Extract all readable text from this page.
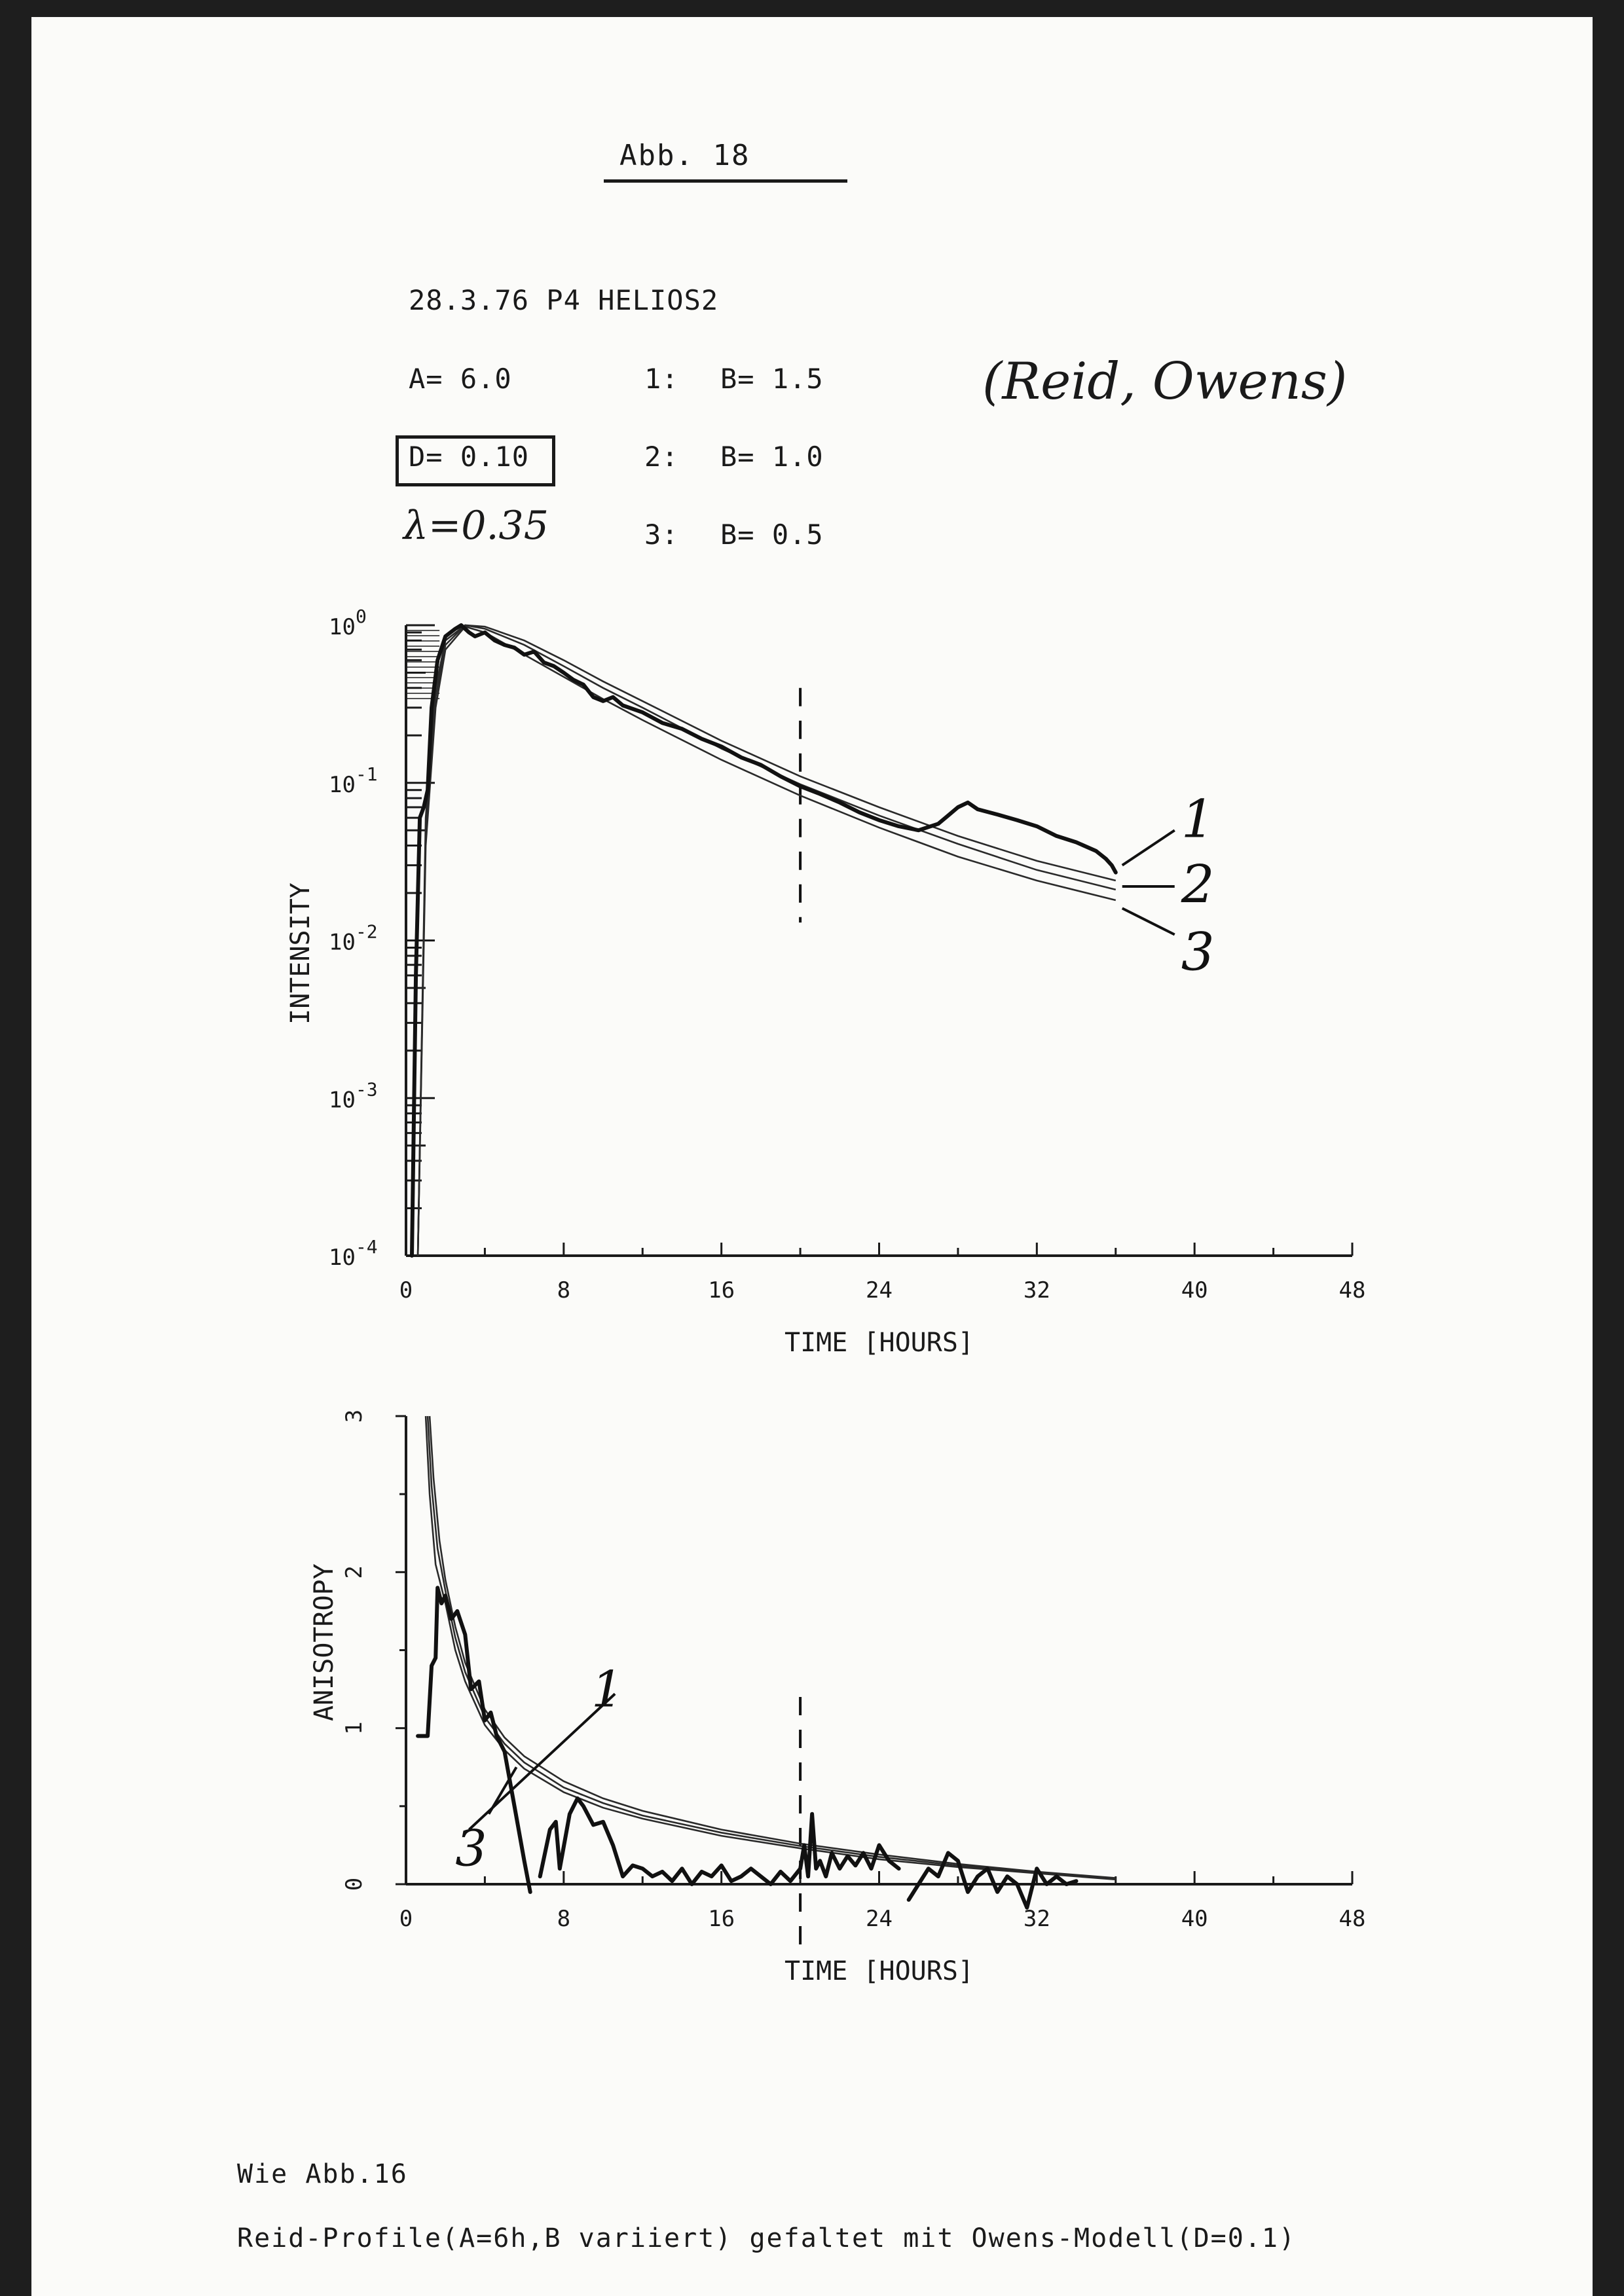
Abb. 18
28.3.76 P4 HELIOS2
A= 6.0
D= 0.10
λ=0.35
1: B= 1.5
2: B= 1.0
3: B= 0.5
(Reid, Owens)
$10^0$
$10^{-1}$
$10^{-2}$
$10^{-3}$
$10^{-4}$
0	8	16	24	32	40	48
TIME [HOURS]
INTENSITY
1
2
3
0
1
2
3
0	8	16	24	32	40	48
TIME [HOURS]
ANISOTROPY	1
3
Wie Abb.16
Reid-Profile(A=6h,B variiert) gefaltet mit Owens-Modell(D=0.1)
